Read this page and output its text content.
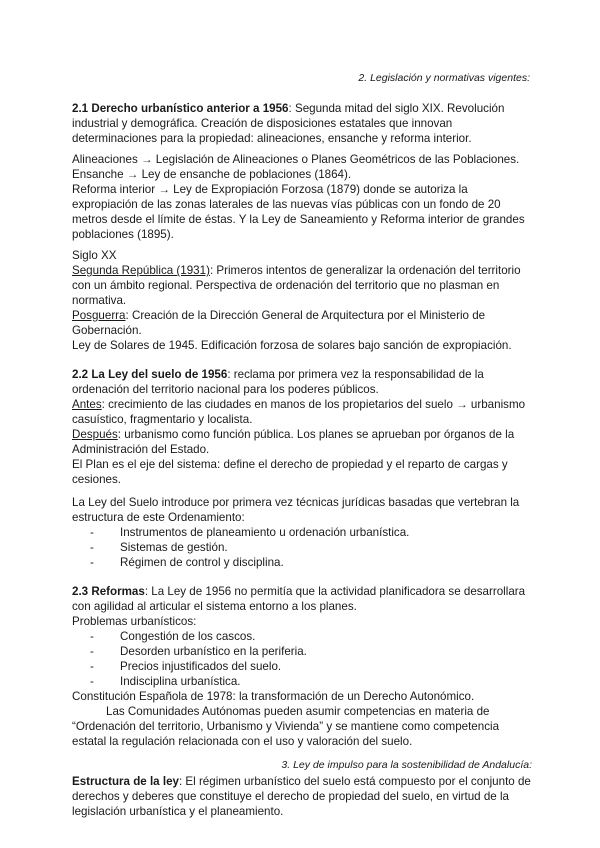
2. Legislación y normativas vigentes:

2.1 Derecho urbanístico anterior a 1956: Segunda mitad del siglo XIX. Revolución industrial y demográfica. Creación de disposiciones estatales que innovan determinaciones para la propiedad: alineaciones, ensanche y reforma interior.

Alineaciones → Legislación de Alineaciones o Planes Geométricos de las Poblaciones.

Ensanche → Ley de ensanche de poblaciones (1864).

Reforma interior → Ley de Expropiación Forzosa (1879) donde se autoriza la expropiación de las zonas laterales de las nuevas vías públicas con un fondo de 20 metros desde el límite de éstas. Y la Ley de Saneamiento y Reforma interior de grandes poblaciones (1895).

Siglo XX

Segunda República (1931): Primeros intentos de generalizar la ordenación del territorio con un ámbito regional. Perspectiva de ordenación del territorio que no plasman en normativa.

Posguerra: Creación de la Dirección General de Arquitectura por el Ministerio de Gobernación.

Ley de Solares de 1945. Edificación forzosa de solares bajo sanción de expropiación.

2.2 La Ley del suelo de 1956: reclama por primera vez la responsabilidad de la ordenación del territorio nacional para los poderes públicos.

Antes: crecimiento de las ciudades en manos de los propietarios del suelo → urbanismo casuístico, fragmentario y localista.

Después: urbanismo como función pública. Los planes se aprueban por órganos de la Administración del Estado.

El Plan es el eje del sistema: define el derecho de propiedad y el reparto de cargas y cesiones.

La Ley del Suelo introduce por primera vez técnicas jurídicas basadas que vertebran la estructura de este Ordenamiento:

- Instrumentos de planeamiento u ordenación urbanística.
- Sistemas de gestión.
- Régimen de control y disciplina.

2.3 Reformas: La Ley de 1956 no permitía que la actividad planificadora se desarrollara con agilidad al articular el sistema entorno a los planes.

Problemas urbanísticos:

- Congestión de los cascos.
- Desorden urbanístico en la periferia.
- Precios injustificados del suelo.
- Indisciplina urbanística.

Constitución Española de 1978: la transformación de un Derecho Autonómico.

Las Comunidades Autónomas pueden asumir competencias en materia de “Ordenación del territorio, Urbanismo y Vivienda” y se mantiene como competencia estatal la regulación relacionada con el uso y valoración del suelo.

3. Ley de impulso para la sostenibilidad de Andalucía:

Estructura de la ley: El régimen urbanístico del suelo está compuesto por el conjunto de derechos y deberes que constituye el derecho de propiedad del suelo, en virtud de la legislación urbanística y el planeamiento.
